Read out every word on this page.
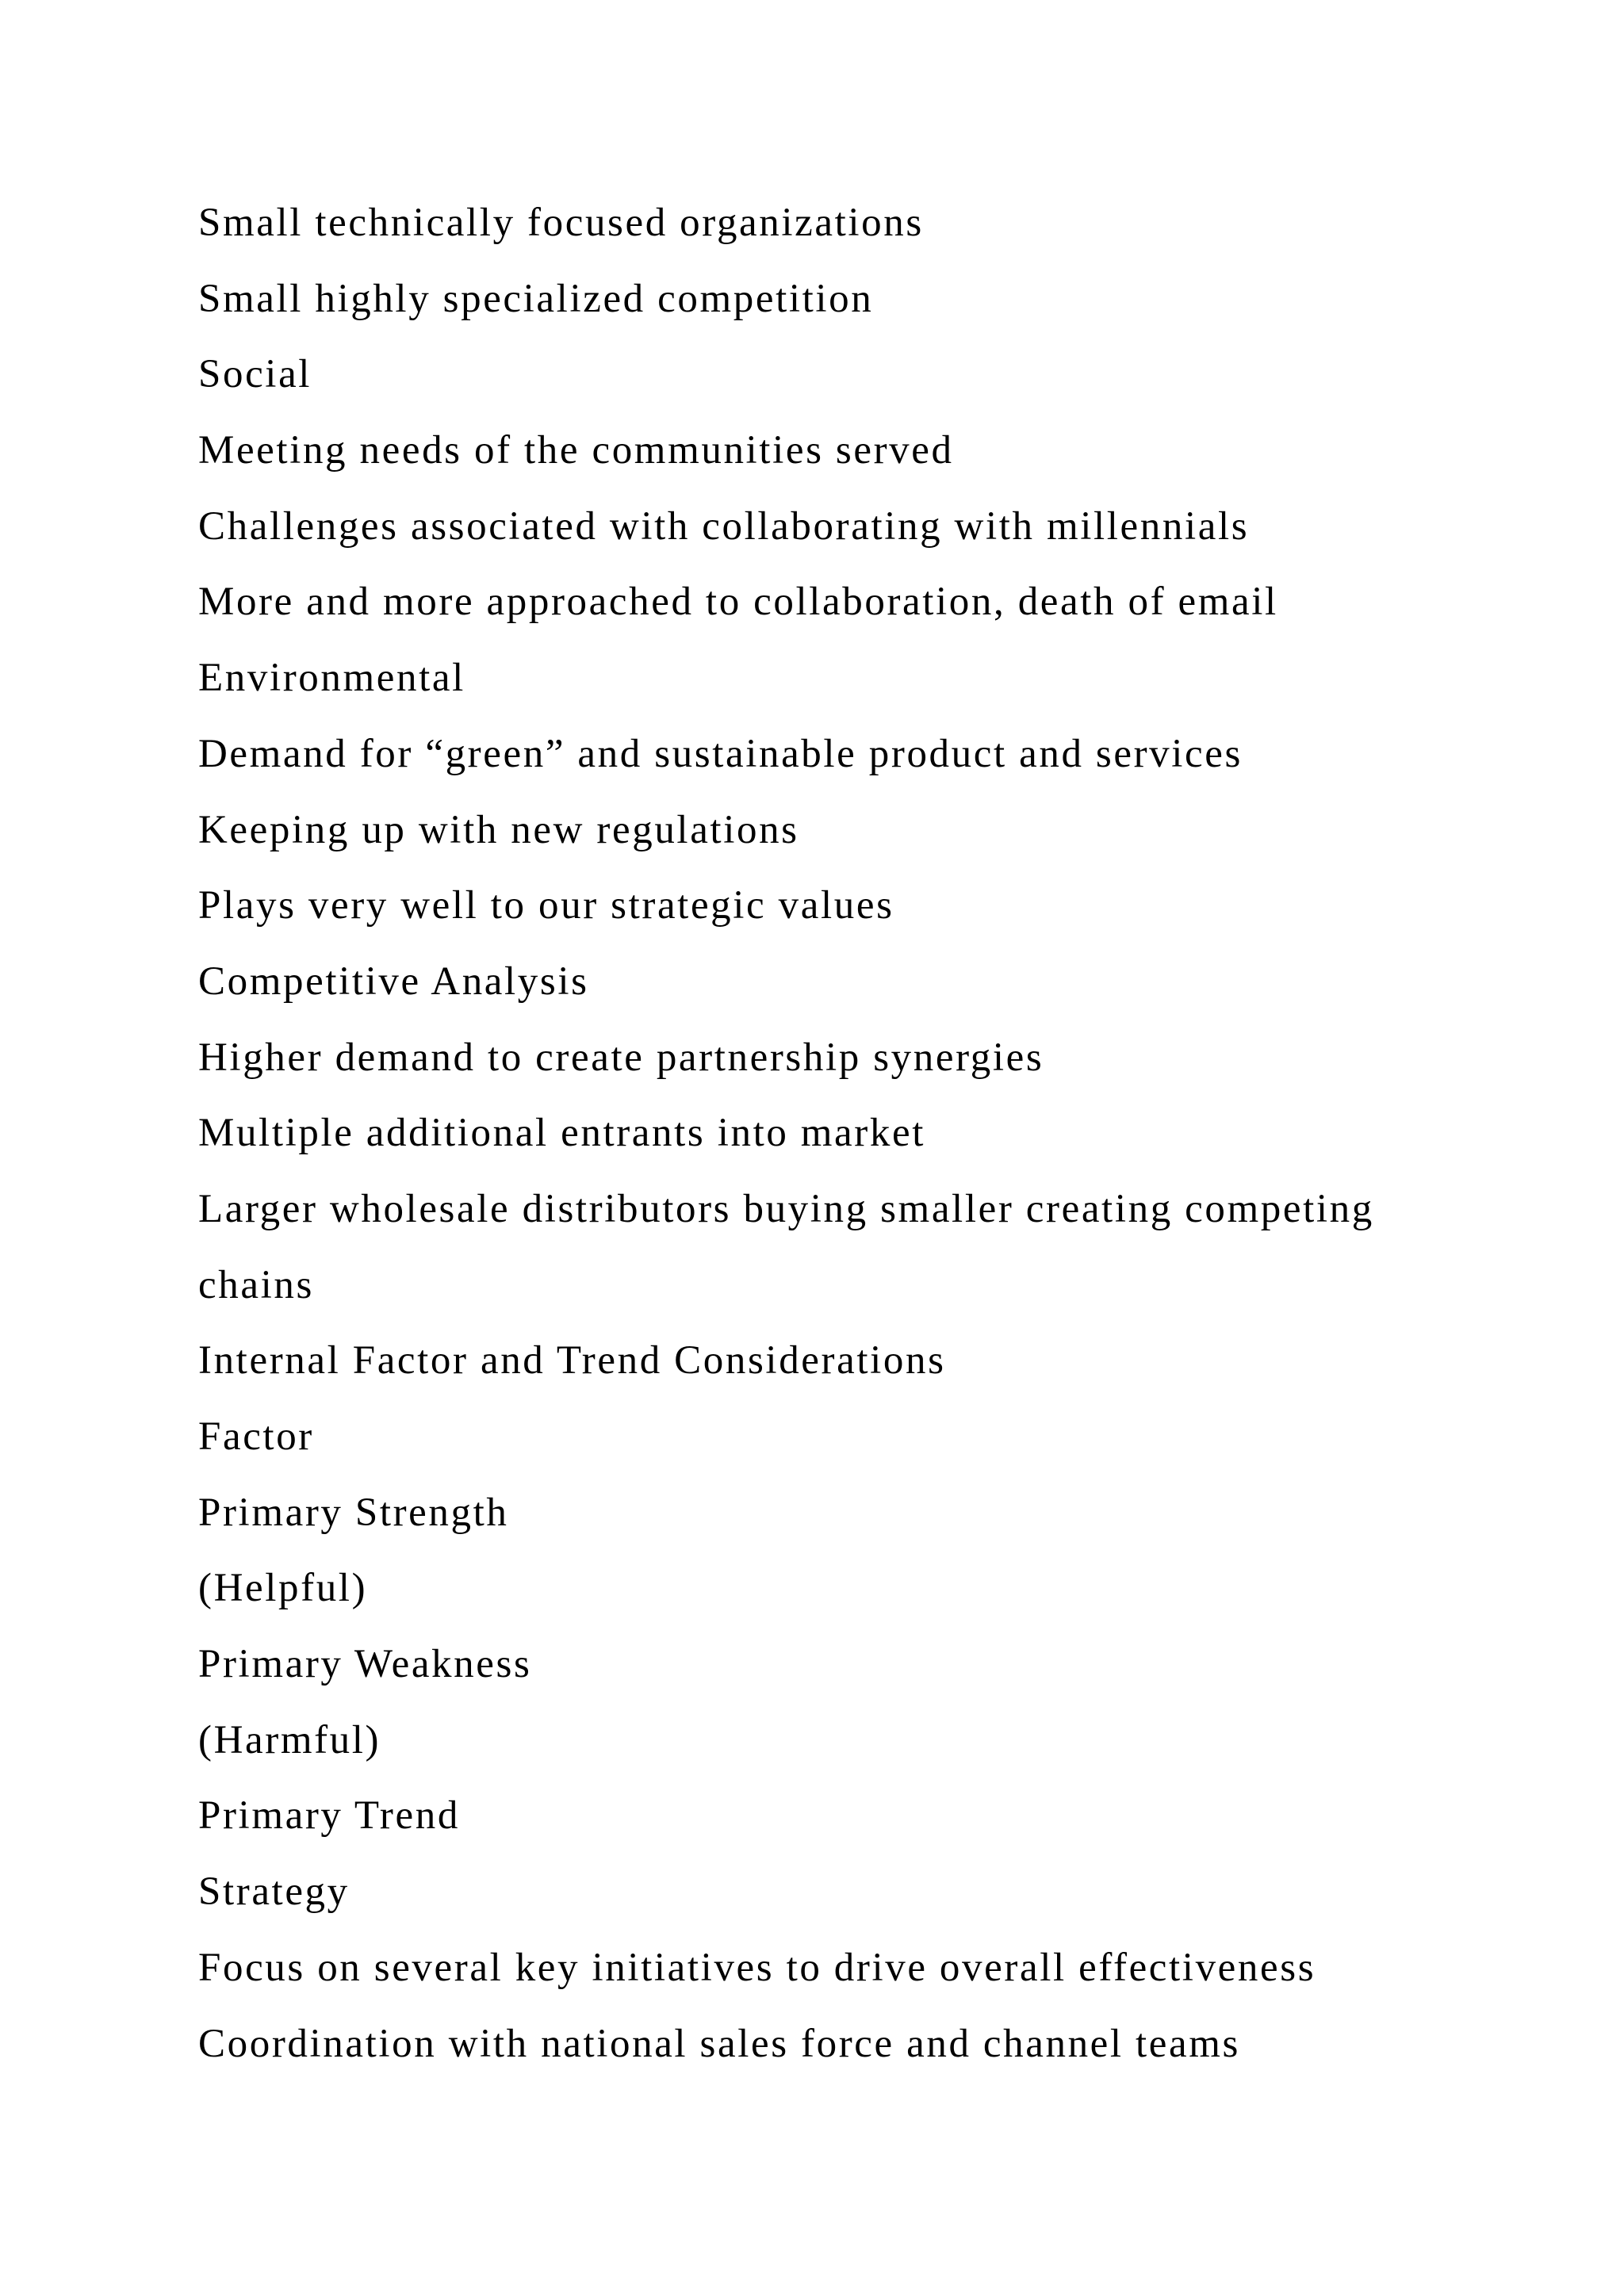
Small technically focused organizations
Small highly specialized competition
Social
Meeting needs of the communities served
Challenges associated with collaborating with millennials
More and more approached to collaboration, death of email
Environmental
Demand for “green” and sustainable product and services
Keeping up with new regulations
Plays very well to our strategic values
Competitive Analysis
Higher demand to create partnership synergies
Multiple additional entrants into market
Larger wholesale distributors buying smaller creating competing
chains
Internal Factor and Trend Considerations
Factor
Primary Strength
(Helpful)
Primary Weakness
(Harmful)
Primary Trend
Strategy
Focus on several key initiatives to drive overall effectiveness
Coordination with national sales force and channel teams
